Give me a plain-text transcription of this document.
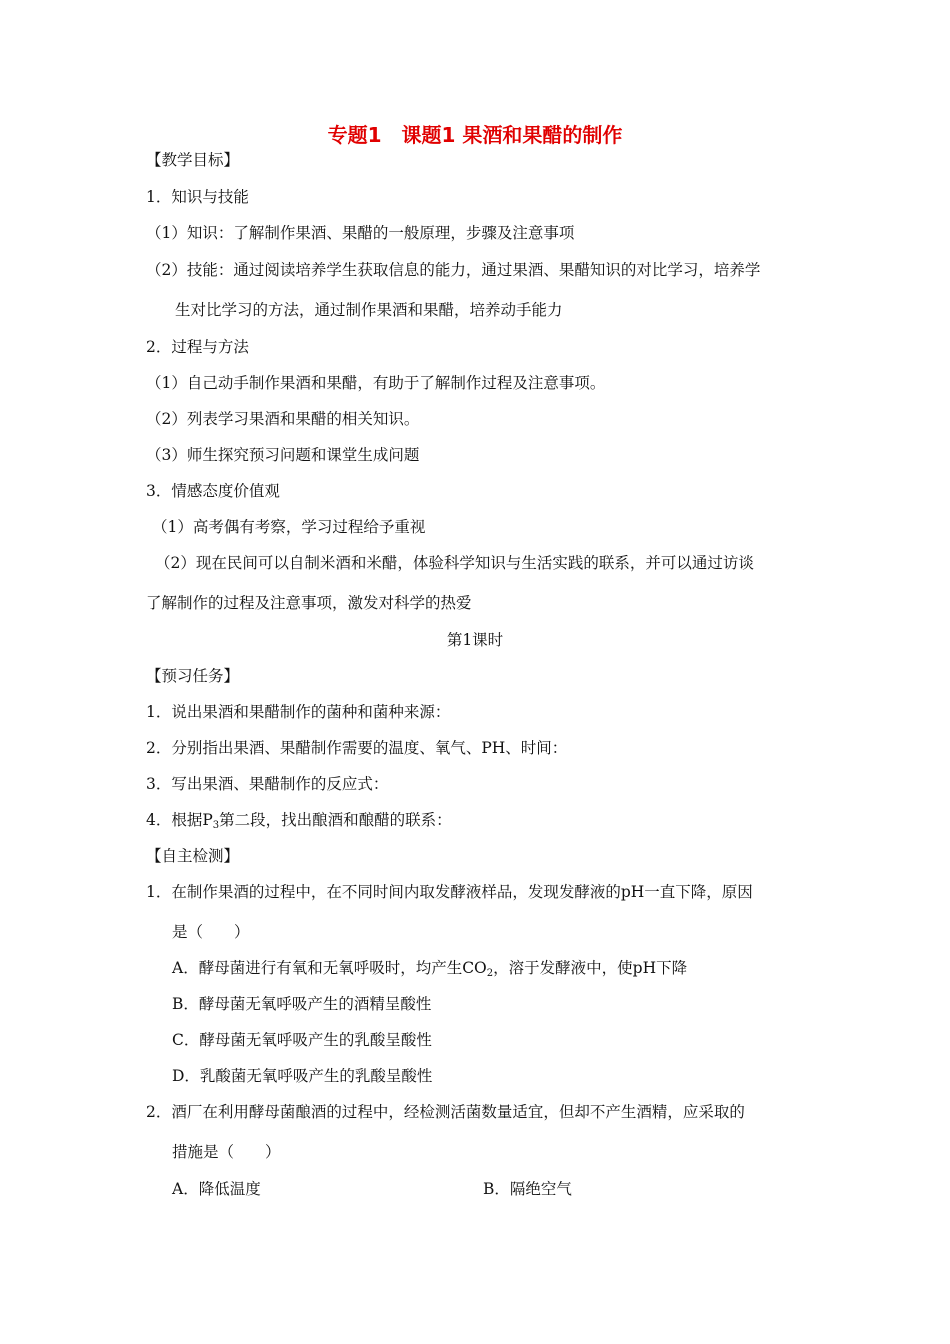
专题1　课题1 果酒和果醋的制作
【教学目标】
1．知识与技能
（1）知识：了解制作果酒、果醋的一般原理，步骤及注意事项
（2）技能：通过阅读培养学生获取信息的能力，通过果酒、果醋知识的对比学习，培养学
生对比学习的方法，通过制作果酒和果醋，培养动手能力
2．过程与方法
（1）自己动手制作果酒和果醋，有助于了解制作过程及注意事项。
（2）列表学习果酒和果醋的相关知识。
（3）师生探究预习问题和课堂生成问题
3．情感态度价值观
（1）高考偶有考察，学习过程给予重视
（2）现在民间可以自制米酒和米醋，体验科学知识与生活实践的联系，并可以通过访谈
了解制作的过程及注意事项，激发对科学的热爱
第1课时
【预习任务】
1．说出果酒和果醋制作的菌种和菌种来源：
2．分别指出果酒、果醋制作需要的温度、氧气、PH、时间：
3．写出果酒、果醋制作的反应式：
4．根据$P_3$第二段，找出酿酒和酿醋的联系：
【自主检测】
1．在制作果酒的过程中，在不同时间内取发酵液样品，发现发酵液的pH一直下降，原因
是（　　）
A．酵母菌进行有氧和无氧呼吸时，均产生$CO_2$，溶于发酵液中，使pH下降
B．酵母菌无氧呼吸产生的酒精呈酸性
C．酵母菌无氧呼吸产生的乳酸呈酸性
D．乳酸菌无氧呼吸产生的乳酸呈酸性
2．酒厂在利用酵母菌酿酒的过程中，经检测活菌数量适宜，但却不产生酒精，应采取的
措施是（　　）
A．降低温度	B．隔绝空气
